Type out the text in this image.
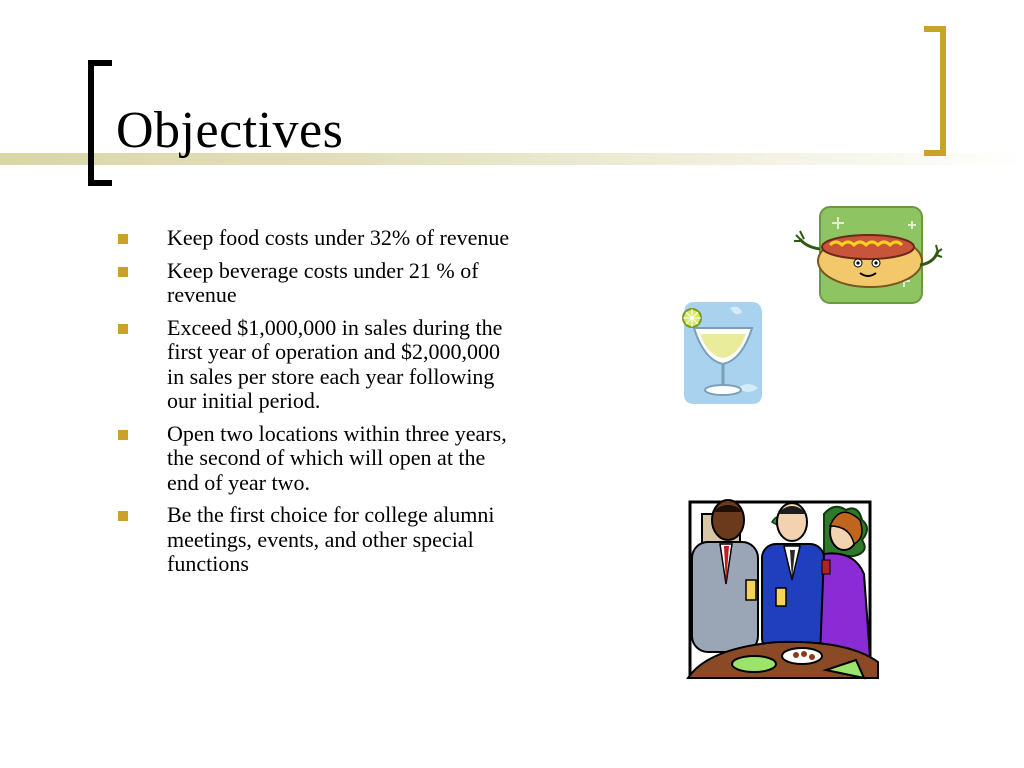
Objectives
Keep food costs under 32% of revenue
Keep beverage costs under 21 % of revenue
Exceed $1,000,000 in sales during the first year of operation and $2,000,000 in sales per store each year following our initial period.
Open two locations within three years, the second of which will open at the end of year two.
Be the first choice for college alumni meetings, events, and other special functions
